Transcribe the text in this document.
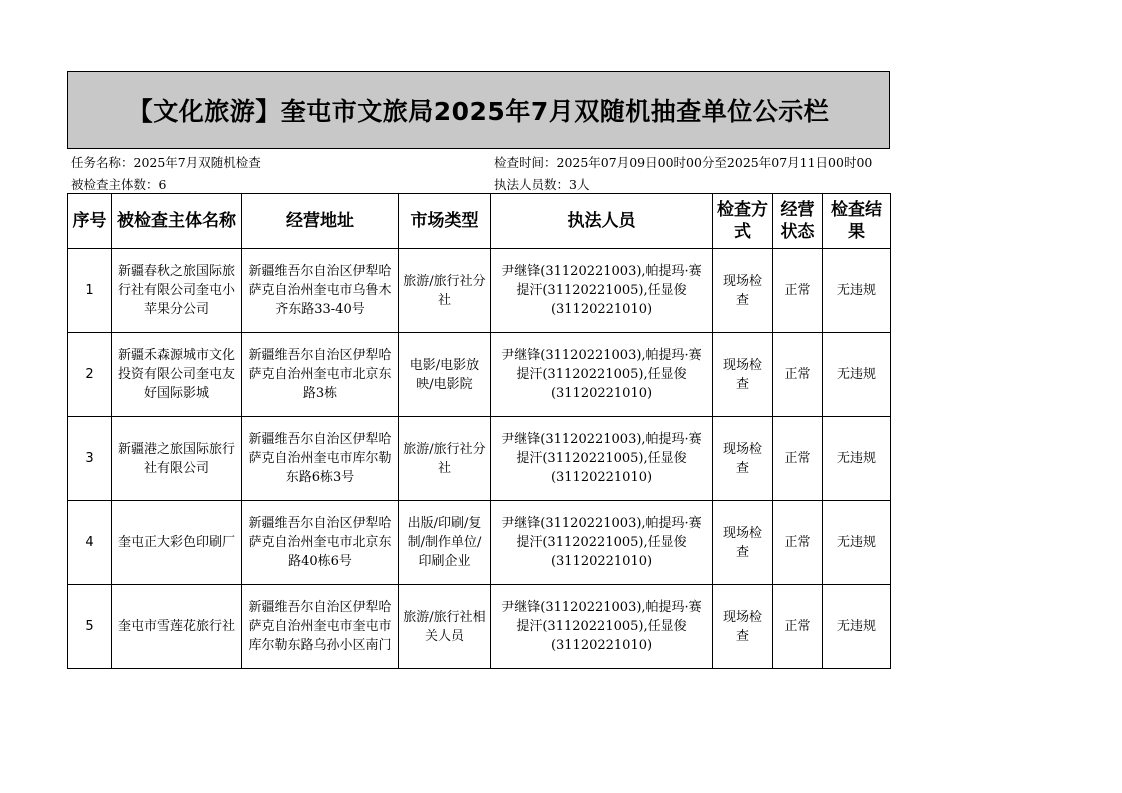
【文化旅游】奎屯市文旅局2025年7月双随机抽查单位公示栏
任务名称：2025年7月双随机检查	检查时间：2025年07月09日00时00分至2025年07月11日00时00
被检查主体数：6	执法人员数：3人
序号	被检查主体名称	经营地址	市场类型	执法人员	检查方式	经营状态	检查结果
1	新疆春秋之旅国际旅行社有限公司奎屯小苹果分公司	新疆维吾尔自治区伊犁哈萨克自治州奎屯市乌鲁木齐东路33-40号	旅游/旅行社分社	尹继锋(31120221003),帕提玛·赛提汗(31120221005),任显俊(31120221010)	现场检查	正常	无违规
2	新疆禾森源城市文化投资有限公司奎屯友好国际影城	新疆维吾尔自治区伊犁哈萨克自治州奎屯市北京东路3栋	电影/电影放映/电影院	尹继锋(31120221003),帕提玛·赛提汗(31120221005),任显俊(31120221010)	现场检查	正常	无违规
3	新疆港之旅国际旅行社有限公司	新疆维吾尔自治区伊犁哈萨克自治州奎屯市库尔勒东路6栋3号	旅游/旅行社分社	尹继锋(31120221003),帕提玛·赛提汗(31120221005),任显俊(31120221010)	现场检查	正常	无违规
4	奎屯正大彩色印刷厂	新疆维吾尔自治区伊犁哈萨克自治州奎屯市北京东路40栋6号	出版/印刷/复制/制作单位/印刷企业	尹继锋(31120221003),帕提玛·赛提汗(31120221005),任显俊(31120221010)	现场检查	正常	无违规
5	奎屯市雪莲花旅行社	新疆维吾尔自治区伊犁哈萨克自治州奎屯市奎屯市库尔勒东路乌孙小区南门	旅游/旅行社相关人员	尹继锋(31120221003),帕提玛·赛提汗(31120221005),任显俊(31120221010)	现场检查	正常	无违规
